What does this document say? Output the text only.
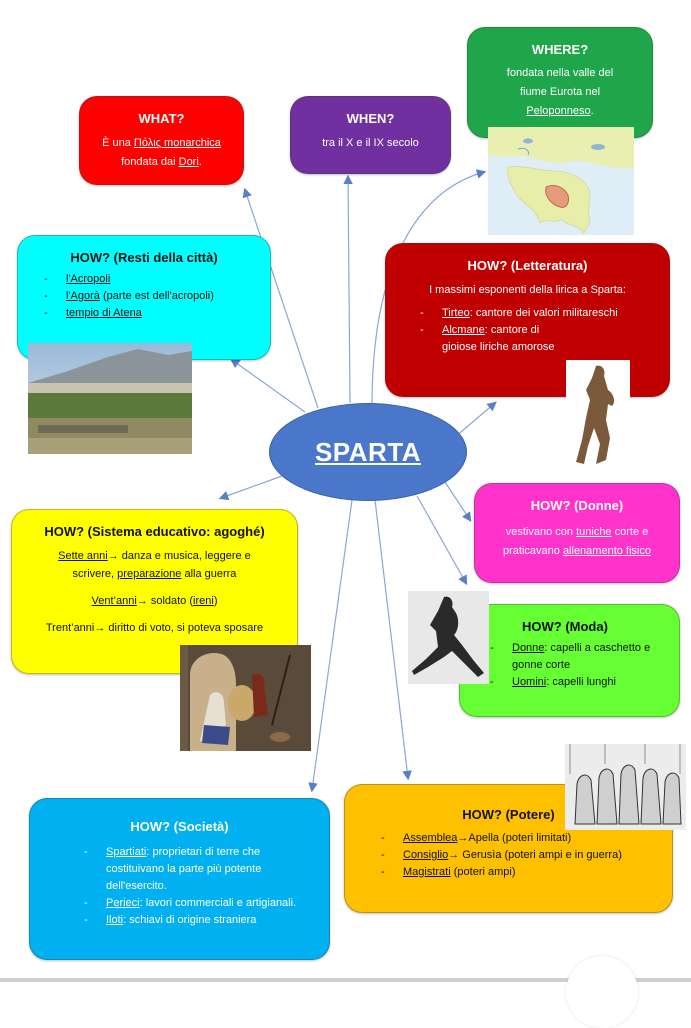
WHAT?
È una Πόλις monarchica
fondata dai Dori.
WHEN?
tra il X e il IX secolo
WHERE?
fondata nella valle del
fiume Eurota nel
Peloponneso.
HOW? (Resti della città)
- l'Acropoli
- l'Agorà (parte est dell'acropoli)
- tempio di Atena
HOW? (Letteratura)
I massimi esponenti della lirica a Sparta:
- Tirteo: cantore dei valori militareschi
- Alcmane: cantore di gioiose liriche amorose
SPARTA
HOW? (Sistema educativo: agoghé)
Sette anni→ danza e musica, leggere e scrivere, preparazione alla guerra
Vent’anni→ soldato (ireni)
Trent’anni→ diritto di voto, si poteva sposare
HOW? (Donne)
vestivano con tuniche corte e praticavano allenamento fisico
HOW? (Moda)
- Donne: capelli a caschetto e gonne corte
- Uomini: capelli lunghi
HOW? (Società)
- Spartiati: proprietari di terre che costituivano la parte più potente dell'esercito.
- Perieci: lavori commerciali e artigianali.
- Iloti: schiavi di origine straniera
HOW? (Potere)
- Assemblea→Apella (poteri limitati)
- Consiglio→ Gerusìa (poteri ampi e in guerra)
- Magistrati (poteri ampi)
